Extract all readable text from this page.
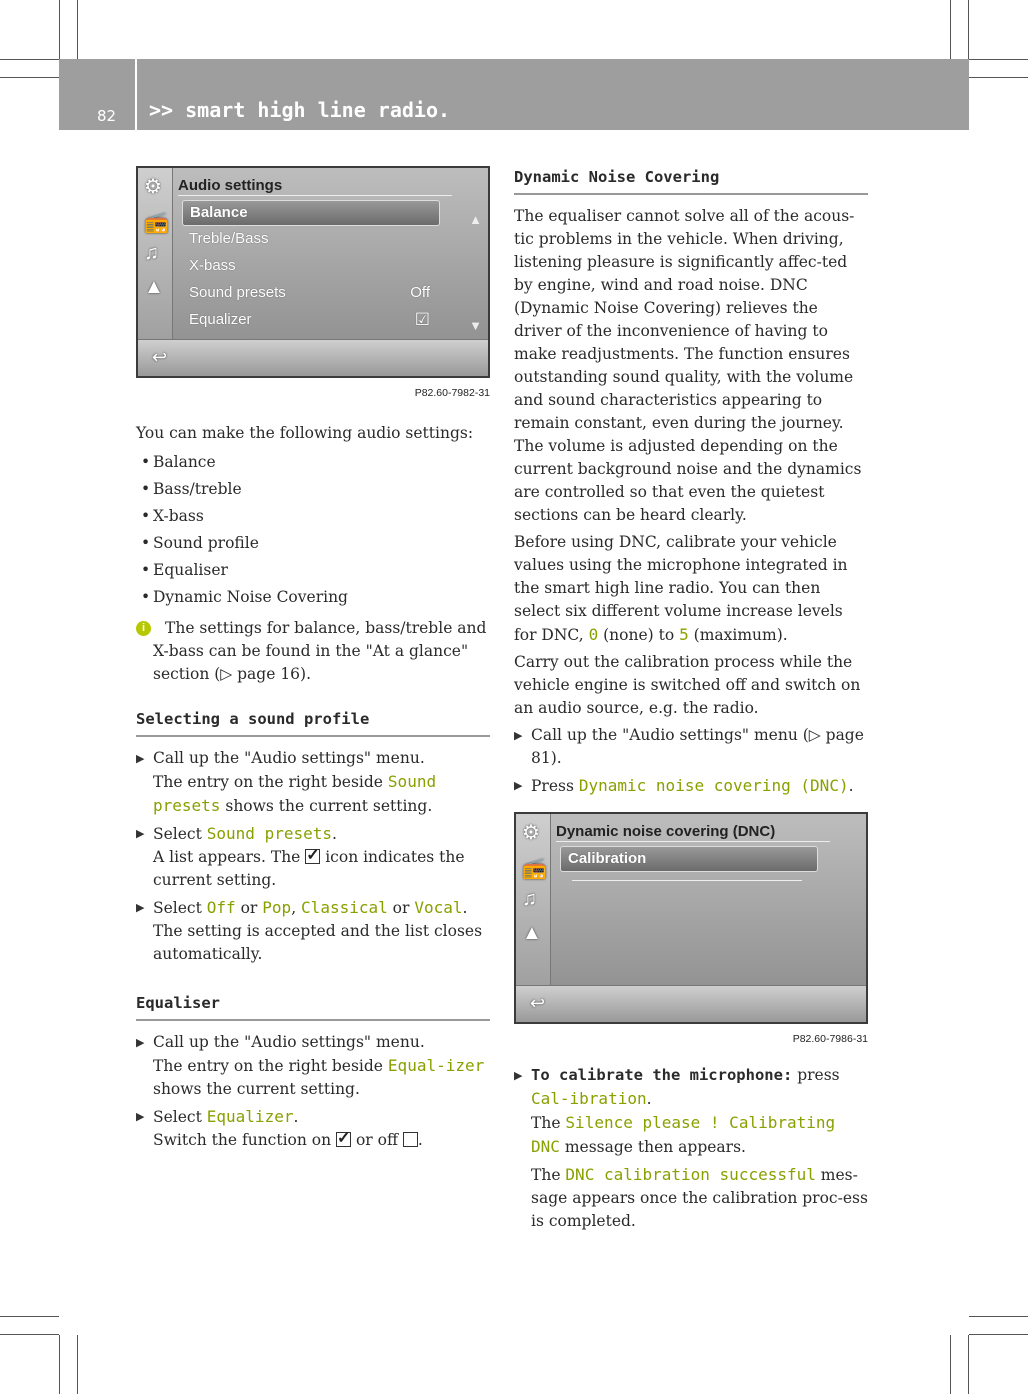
82 >> smart high line radio.
⚙
📻
♫
▲
Audio settings
Balance
Treble/Bass
X-bass
Sound presets	Off
Equalizer	☑
▲
▼
↩
P82.60-7982-31

You can make the following audio settings:

• Balance
• Bass/treble
• X-bass
• Sound profile
• Equaliser
• Dynamic Noise Covering
i	The settings for balance, bass/treble and X-bass can be found in the "At a glance" section (▷ page 16).
Selecting a sound profile

▶ Call up the "Audio settings" menu.

The entry on the right beside Sound presets shows the current setting.

▶ Select Sound presets.

A list appears. The ✓ icon indicates the current setting.

▶ Select Off or Pop, Classical or Vocal.

The setting is accepted and the list closes automatically.

Equaliser

▶ Call up the "Audio settings" menu.

The entry on the right beside Equal‐izer shows the current setting.

▶ Select Equalizer.

Switch the function on ✓ or off .

Dynamic Noise Covering

The equaliser cannot solve all of the acous‐tic problems in the vehicle. When driving, listening pleasure is significantly affec‐ted by engine, wind and road noise. DNC (Dynamic Noise Covering) relieves the driver of the inconvenience of having to make readjustments. The function ensures outstanding sound quality, with the volume and sound characteristics appearing to remain constant, even during the journey. The volume is adjusted depending on the current background noise and the dynamics are controlled so that even the quietest sections can be heard clearly.

Before using DNC, calibrate your vehicle values using the microphone integrated in the smart high line radio. You can then select six different volume increase levels for DNC, 0 (none) to 5 (maximum).

Carry out the calibration process while the vehicle engine is switched off and switch on an audio source, e.g. the radio.

▶ Call up the "Audio settings" menu (▷ page 81).

▶ Press Dynamic noise covering (DNC).

⚙
📻
♫
▲
Dynamic noise covering (DNC)
Calibration
↩
P82.60-7986-31

▶ To calibrate the microphone: press Cal‐ibration.

The Silence please ! Calibrating DNC message then appears.

The DNC calibration successful mes‐sage appears once the calibration proc‐ess is completed.
